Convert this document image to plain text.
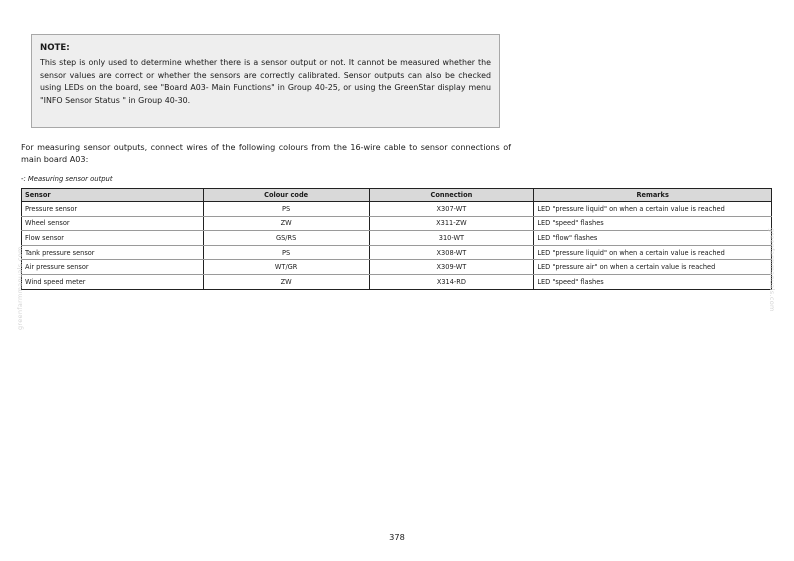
NOTE:
This step is only used to determine whether there is a sensor output or not. It cannot be measured whether the sensor values are correct or whether the sensors are correctly calibrated. Sensor outputs can also be checked using LEDs on the board, see "Board A03- Main Functions" in Group 40-25, or using the GreenStar display menu "INFO Sensor Status " in Group 40-30.

For measuring sensor outputs, connect wires of the following colours from the 16-wire cable to sensor connections of main board A03:

-: Measuring sensor output
Sensor	Colour code	Connection	Remarks
Pressure sensor	PS	X307-WT	LED "pressure liquid" on when a certain value is reached
Wheel sensor	ZW	X311-ZW	LED "speed" flashes
Flow sensor	GS/RS	310-WT	LED "flow" flashes
Tank pressure sensor	PS	X308-WT	LED "pressure liquid" on when a certain value is reached
Air pressure sensor	WT/GR	X309-WT	LED "pressure air" on when a certain value is reached
Wind speed meter	ZW	X314-RD	LED "speed" flashes
greenfarmmanuals.com	greenfarmmanuals.com
378
